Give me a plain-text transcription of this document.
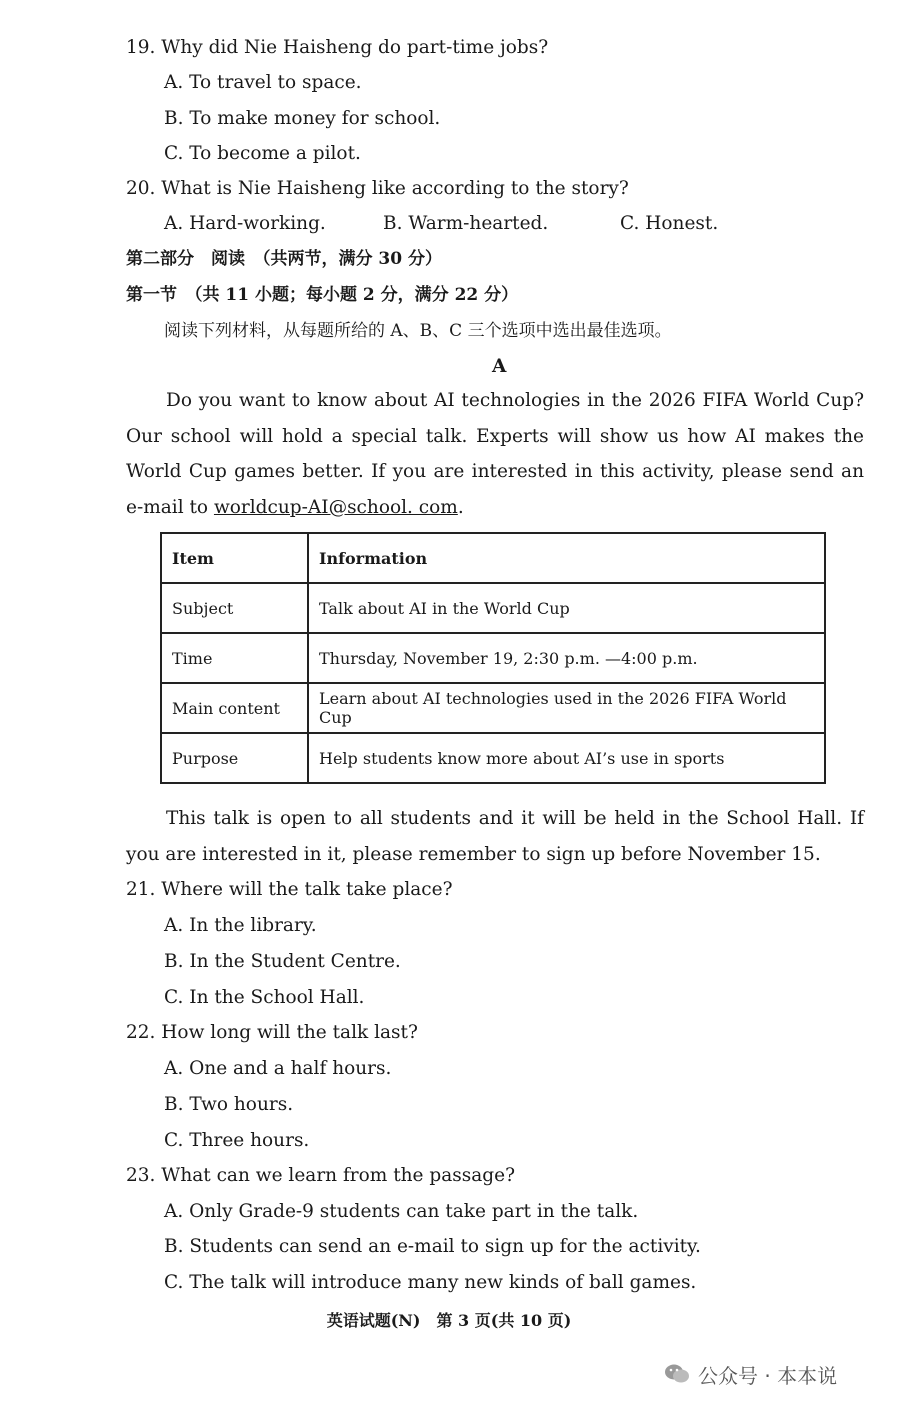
19. Why did Nie Haisheng do part-time jobs?
A. To travel to space.
B. To make money for school.
C. To become a pilot.
20. What is Nie Haisheng like according to the story?
A. Hard-working.	B. Warm-hearted.	C. Honest.
第二部分　阅读　（共两节，满分 30 分）
第一节　（共 11 小题；每小题 2 分，满分 22 分）
阅读下列材料，从每题所给的 A、B、C 三个选项中选出最佳选项。
A
Do you want to know about AI technologies in the 2026 FIFA World Cup? Our school will hold a special talk. Experts will show us how AI makes the World Cup games better. If you are interested in this activity, please send an e-mail to worldcup-AI@school. com.
Item	Information
Subject	Talk about AI in the World Cup
Time	Thursday, November 19, 2:30 p.m. —4:00 p.m.
Main content	Learn about AI technologies used in the 2026 FIFA World Cup
Purpose	Help students know more about AI’s use in sports
This talk is open to all students and it will be held in the School Hall. If you are interested in it, please remember to sign up before November 15.
21. Where will the talk take place?
A. In the library.
B. In the Student Centre.
C. In the School Hall.
22. How long will the talk last?
A. One and a half hours.
B. Two hours.
C. Three hours.
23. What can we learn from the passage?
A. Only Grade-9 students can take part in the talk.
B. Students can send an e-mail to sign up for the activity.
C. The talk will introduce many new kinds of ball games.
英语试题(N)　第 3 页(共 10 页)
公众号 · 本本说
